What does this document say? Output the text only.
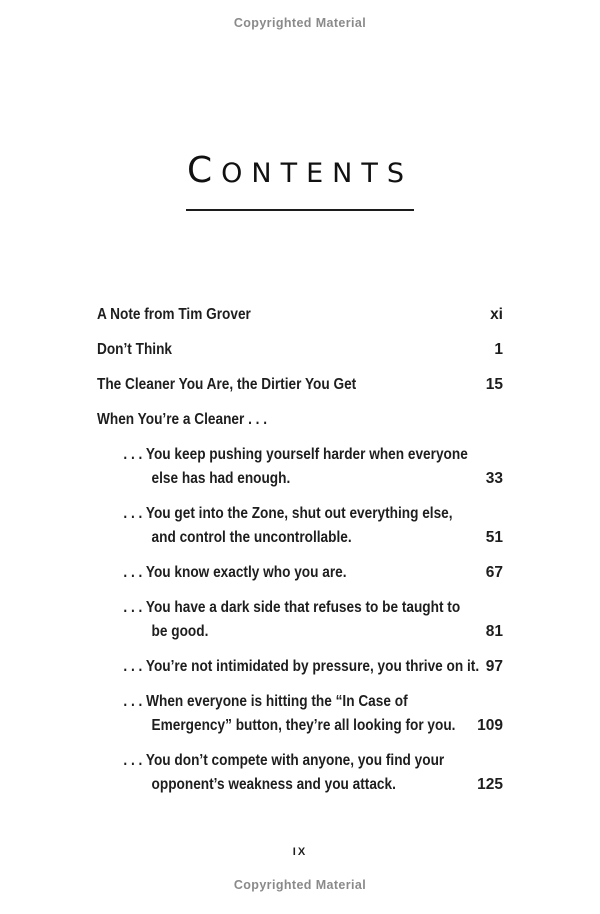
Copyrighted Material
CONTENTS
A Note from Tim Grover	xi
Don’t Think	1
The Cleaner You Are, the Dirtier You Get	15
When You’re a Cleaner . . .
. . . You keep pushing yourself harder when everyone
else has had enough.	33
. . . You get into the Zone, shut out everything else,
and control the uncontrollable.	51
. . . You know exactly who you are.	67
. . . You have a dark side that refuses to be taught to
be good.	81
. . . You’re not intimidated by pressure, you thrive on it. 97
. . . When everyone is hitting the “In Case of
Emergency” button, they’re all looking for you. 109
. . . You don’t compete with anyone, you find your
opponent’s weakness and you attack.	125
IX
Copyrighted Material
